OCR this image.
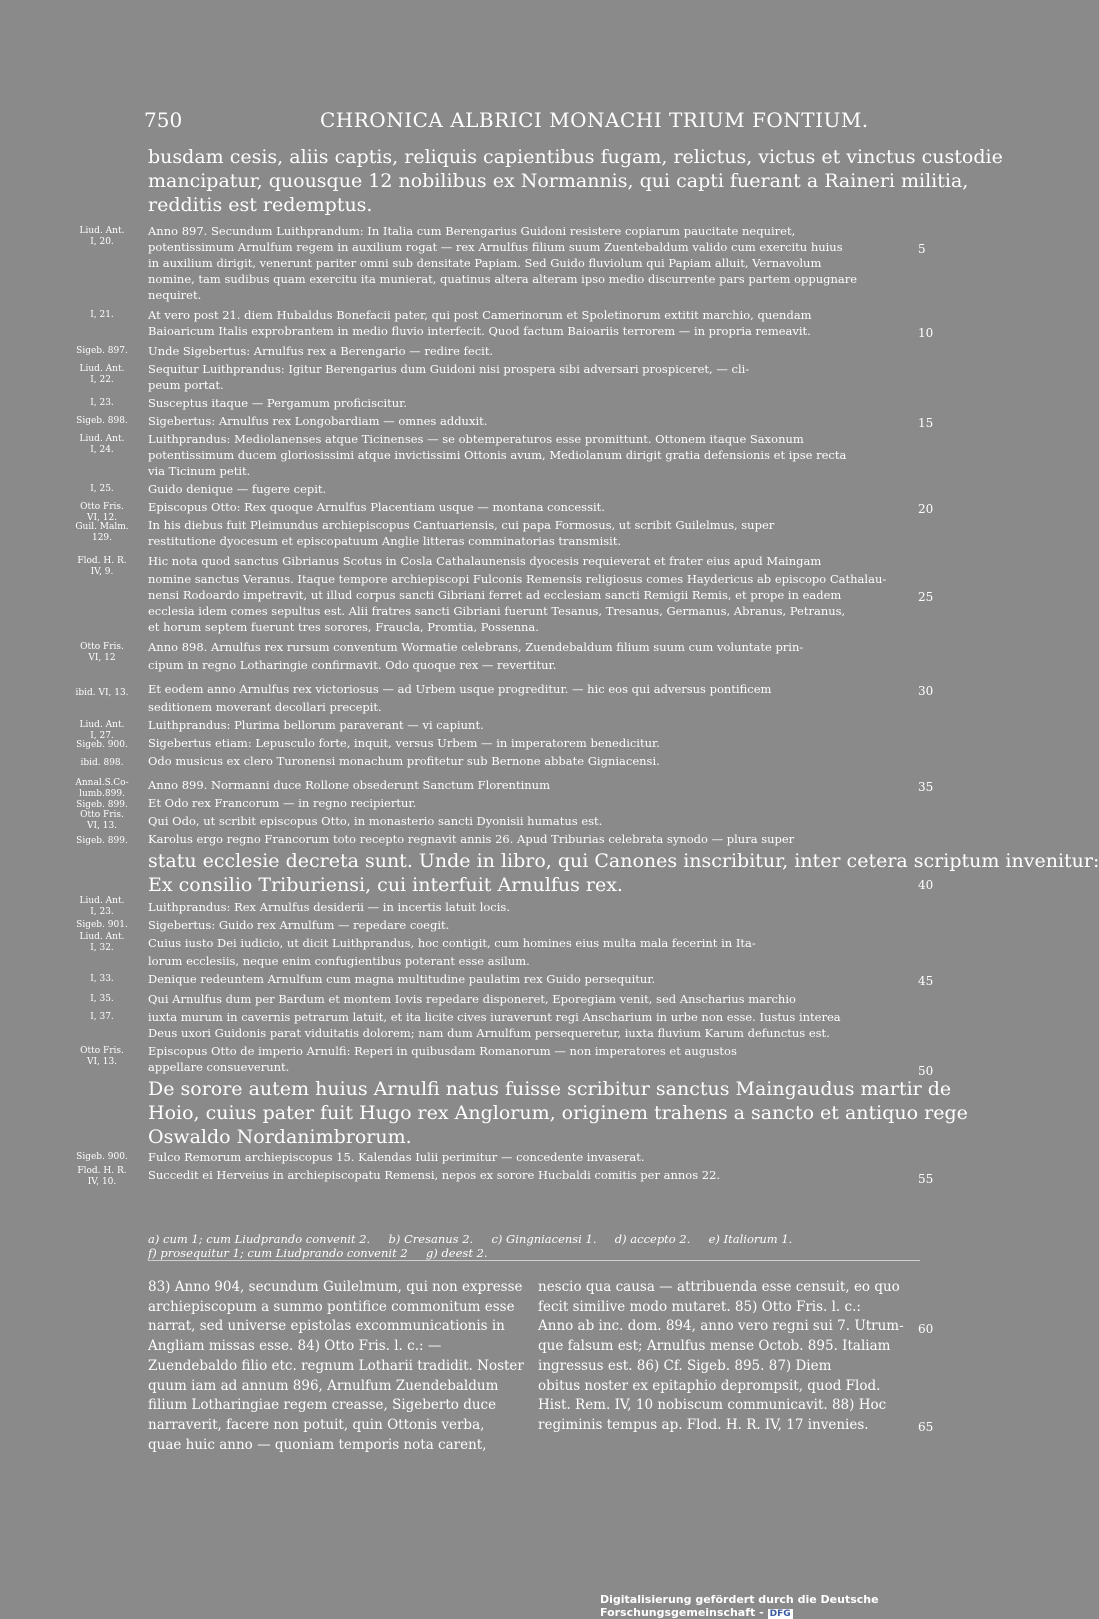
750	CHRONICA ALBRICI MONACHI TRIUM FONTIUM.
busdam cesis, aliis captis, reliquis capientibus fugam, relictus, victus et vinctus custodie
mancipatur, quousque 12 nobilibus ex Normannis, qui capti fuerant a Raineri militia,
redditis est redemptus.
Anno 897. Secundum Luithprandum: In Italia cum Berengarius Guidoni resistere copiarum paucitate nequiret,
potentissimum Arnulfum regem in auxilium rogat — rex Arnulfus filium suum Zuentebaldum valido cum exercitu huius
in auxilium dirigit, venerunt pariter omni sub densitate Papiam. Sed Guido fluviolum qui Papiam alluit, Vernavolum
nomine, tam sudibus quam exercitu ita munierat, quatinus altera alteram ipso medio discurrente pars partem oppugnare
nequiret.
At vero post 21. diem Hubaldus Bonefacii pater, qui post Camerinorum et Spoletinorum extitit marchio, quendam
Baioaricum Italis exprobrantem in medio fluvio interfecit. Quod factum Baioariis terrorem — in propria remeavit.
Unde Sigebertus: Arnulfus rex a Berengario — redire fecit.
Sequitur Luithprandus: Igitur Berengarius dum Guidoni nisi prospera sibi adversari prospiceret, — cli-
peum portat.
Susceptus itaque — Pergamum proficiscitur.
Sigebertus: Arnulfus rex Longobardiam — omnes adduxit.
Luithprandus: Mediolanenses atque Ticinenses — se obtemperaturos esse promittunt. Ottonem itaque Saxonum
potentissimum ducem gloriosissimi atque invictissimi Ottonis avum, Mediolanum dirigit gratia defensionis et ipse recta
via Ticinum petit.
Guido denique — fugere cepit.
Episcopus Otto: Rex quoque Arnulfus Placentiam usque — montana concessit.
In his diebus fuit Pleimundus archiepiscopus Cantuariensis, cui papa Formosus, ut scribit Guilelmus, super
restitutione dyocesum et episcopatuum Anglie litteras comminatorias transmisit.
Hic nota quod sanctus Gibrianus Scotus in Cosla Cathalaunensis dyocesis requieverat et frater eius apud Maingam
nomine sanctus Veranus. Itaque tempore archiepiscopi Fulconis Remensis religiosus comes Haydericus ab episcopo Cathalau-
nensi Rodoardo impetravit, ut illud corpus sancti Gibriani ferret ad ecclesiam sancti Remigii Remis, et prope in eadem
ecclesia idem comes sepultus est. Alii fratres sancti Gibriani fuerunt Tesanus, Tresanus, Germanus, Abranus, Petranus,
et horum septem fuerunt tres sorores, Fraucla, Promtia, Possenna.
Anno 898. Arnulfus rex rursum conventum Wormatie celebrans, Zuendebaldum filium suum cum voluntate prin-
cipum in regno Lotharingie confirmavit. Odo quoque rex — revertitur.
Et eodem anno Arnulfus rex victoriosus — ad Urbem usque progreditur. — hic eos qui adversus pontificem
seditionem moverant decollari precepit.
Luithprandus: Plurima bellorum paraverant — vi capiunt.
Sigebertus etiam: Lepusculo forte, inquit, versus Urbem — in imperatorem benedicitur.
Odo musicus ex clero Turonensi monachum profitetur sub Bernone abbate Gigniacensi.
Anno 899. Normanni duce Rollone obsederunt Sanctum Florentinum
Et Odo rex Francorum — in regno recipiertur.
Qui Odo, ut scribit episcopus Otto, in monasterio sancti Dyonisii humatus est.
Karolus ergo regno Francorum toto recepto regnavit annis 26. Apud Triburias celebrata synodo — plura super
statu ecclesie decreta sunt. Unde in libro, qui Canones inscribitur, inter cetera scriptum invenitur:
Ex consilio Triburiensi, cui interfuit Arnulfus rex.
Luithprandus: Rex Arnulfus desiderii — in incertis latuit locis.
Sigebertus: Guido rex Arnulfum — repedare coegit.
Cuius iusto Dei iudicio, ut dicit Luithprandus, hoc contigit, cum homines eius multa mala fecerint in Ita-
lorum ecclesiis, neque enim confugientibus poterant esse asilum.
Denique redeuntem Arnulfum cum magna multitudine paulatim rex Guido persequitur.
Qui Arnulfus dum per Bardum et montem Iovis repedare disponeret, Eporegiam venit, sed Anscharius marchio
iuxta murum in cavernis petrarum latuit, et ita licite cives iuraverunt regi Anscharium in urbe non esse. Iustus interea
Deus uxori Guidonis parat viduitatis dolorem; nam dum Arnulfum persequeretur, iuxta fluvium Karum defunctus est.
Episcopus Otto de imperio Arnulfi: Reperi in quibusdam Romanorum — non imperatores et augustos
appellare consueverunt.
De sorore autem huius Arnulfi natus fuisse scribitur sanctus Maingaudus martir de
Hoio, cuius pater fuit Hugo rex Anglorum, originem trahens a sancto et antiquo rege
Oswaldo Nordanimbrorum.
Fulco Remorum archiepiscopus 15. Kalendas Iulii perimitur — concedente invaserat.
Succedit ei Herveius in archiepiscopatu Remensi, nepos ex sorore Hucbaldi comitis per annos 22.
Liud. Ant.
I, 20.
I, 21.
Sigeb. 897.
Liud. Ant.
I, 22.
I, 23.
Sigeb. 898.
Liud. Ant.
I, 24.
I, 25.
Otto Fris.
VI, 12.
Guil. Malm.
129.
Flod. H. R.
IV, 9.
Otto Fris.
VI, 12
ibid. VI, 13.
Liud. Ant.
I, 27.
Sigeb. 900.
ibid. 898.
Annal.S.Co-
lumb.899.
Sigeb. 899.
Otto Fris.
VI, 13.
Sigeb. 899.
Liud. Ant.
I, 23.
Sigeb. 901.
Liud. Ant.
I, 32.
I, 33.
I, 35.
I, 37.
Otto Fris.
VI, 13.
Sigeb. 900.
Flod. H. R.
IV, 10.
5
10
15
20
25
30
35
40
45
50
55
a) cum 1; cum Liudprando convenit 2.     b) Cresanus 2.     c) Gingniacensi 1.     d) accepto 2.     e) Italiorum 1.
f) prosequitur 1; cum Liudprando convenit 2     g) deest 2.
83) Anno 904, secundum Guilelmum, qui non expresse
archiepiscopum a summo pontifice commonitum esse
narrat, sed universe epistolas excommunicationis in
Angliam missas esse. 84) Otto Fris. l. c.: —
Zuendebaldo filio etc. regnum Lotharii tradidit. Noster
quum iam ad annum 896, Arnulfum Zuendebaldum
filium Lotharingiae regem creasse, Sigeberto duce
narraverit, facere non potuit, quin Ottonis verba,
quae huic anno — quoniam temporis nota carent,
nescio qua causa — attribuenda esse censuit, eo quo
fecit similive modo mutaret. 85) Otto Fris. l. c.:
Anno ab inc. dom. 894, anno vero regni sui 7. Utrum-
que falsum est; Arnulfus mense Octob. 895. Italiam
ingressus est. 86) Cf. Sigeb. 895. 87) Diem
obitus noster ex epitaphio deprompsit, quod Flod.
Hist. Rem. IV, 10 nobiscum communicavit. 88) Hoc
regiminis tempus ap. Flod. H. R. IV, 17 invenies.
60
65
Digitalisierung gefördert durch die Deutsche Forschungsgemeinschaft - DFG
